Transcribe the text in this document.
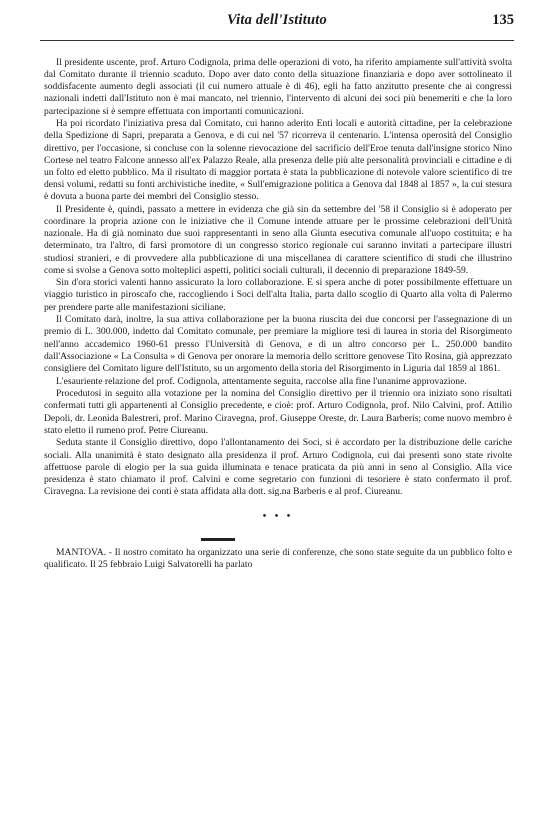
Vita dell'Istituto	135

Il presidente uscente, prof. Arturo Codignola, prima delle operazioni di voto, ha riferito ampiamente sull'attività svolta dal Comitato durante il triennio scaduto. Dopo aver dato conto della situazione finanziaria e dopo aver sottolineato il soddisfacente aumento degli associati (il cui numero attuale è di 46), egli ha fatto anzitutto presente che ai congressi nazionali indetti dall'Istituto non è mai mancato, nel triennio, l'intervento di alcuni dei soci più benemeriti e che la loro partecipazione si è sempre effettuata con importanti comunicazioni.

Ha poi ricordato l'iniziativa presa dal Comitato, cui hanno aderito Enti locali e autorità cittadine, per la celebrazione della Spedizione di Sapri, preparata a Genova, e di cui nel '57 ricorreva il centenario. L'intensa operosità del Consiglio direttivo, per l'occasione, si concluse con la solenne rievocazione del sacrificio dell'Eroe tenuta dall'insigne storico Nino Cortese nel teatro Falcone annesso all'ex Palazzo Reale, alla presenza delle più alte personalità provinciali e cittadine e di un folto ed eletto pubblico. Ma il risultato di maggior portata è stata la pubblicazione di notevole valore scientifico di tre densi volumi, redatti su fonti archivistiche inedite, « Sull'emigrazione politica a Genova dal 1848 al 1857 », la cui stesura è dovuta a buona parte dei membri del Consiglio stesso.

Il Presidente è, quindi, passato a mettere in evidenza che già sin da settembre del '58 il Consiglio si è adoperato per coordinare la propria azione con le iniziative che il Comune intende attuare per le prossime celebrazioni dell'Unità nazionale. Ha di già nominato due suoi rappresentanti in seno alla Giunta esecutiva comunale all'uopo costituita; e ha determinato, tra l'altro, di farsi promotore di un congresso storico regionale cui saranno invitati a partecipare illustri studiosi stranieri, e di provvedere alla pubblicazione di una miscellanea di carattere scientifico di studi che illustrino come si svolse a Genova sotto molteplici aspetti, politici sociali culturali, il decennio di preparazione 1849-59.

Sin d'ora storici valenti hanno assicurato la loro collaborazione. E si spera anche di poter possibilmente effettuare un viaggio turistico in piroscafo che, raccogliendo i Soci dell'alta Italia, parta dallo scoglio di Quarto alla volta di Palermo per prendere parte alle manifestazioni siciliane.

Il Comitato darà, inoltre, la sua attiva collaborazione per la buona riuscita dei due concorsi per l'assegnazione di un premio di L. 300.000, indetto dal Comitato comunale, per premiare la migliore tesi di laurea in storia del Risorgimento nell'anno accademico 1960-61 presso l'Università di Genova, e di un altro concorso per L. 250.000 bandito dall'Associazione « La Consulta » di Genova per onorare la memoria dello scrittore genovese Tito Rosina, già apprezzato consigliere del Comitato ligure dell'Istituto, su un argomento della storia del Risorgimento in Liguria dal 1859 al 1861.

L'esauriente relazione del prof. Codignola, attentamente seguita, raccolse alla fine l'unanime approvazione.

Procedutosi in seguito alla votazione per la nomina del Consiglio direttivo per il triennio ora iniziato sono risultati confermati tutti gli appartenenti al Consiglio precedente, e cioè: prof. Arturo Codignola, prof. Nilo Calvini, prof. Attilio Depoli, dr. Leonida Balestreri, prof. Marino Ciravegna, prof. Giuseppe Oreste, dr. Laura Barberis; come nuovo membro è stato eletto il rumeno prof. Petre Ciureanu.

Seduta stante il Consiglio direttivo, dopo l'allontanamento dei Soci, si è accordato per la distribuzione delle cariche sociali. Alla unanimità è stato designato alla presidenza il prof. Arturo Codignola, cui dai presenti sono state rivolte affettuose parole di elogio per la sua guida illuminata e tenace praticata da più anni in seno al Consiglio. Alla vice presidenza è stato chiamato il prof. Calvini e come segretario con funzioni di tesoriere è stato confermato il prof. Ciravegna. La revisione dei conti è stata affidata alla dott. sig.na Barberis e al prof. Ciureanu.

• • •

MANTOVA. - Il nostro comitato ha organizzato una serie di conferenze, che sono state seguite da un pubblico folto e qualificato. Il 25 febbraio Luigi Salvatorelli ha parlato
